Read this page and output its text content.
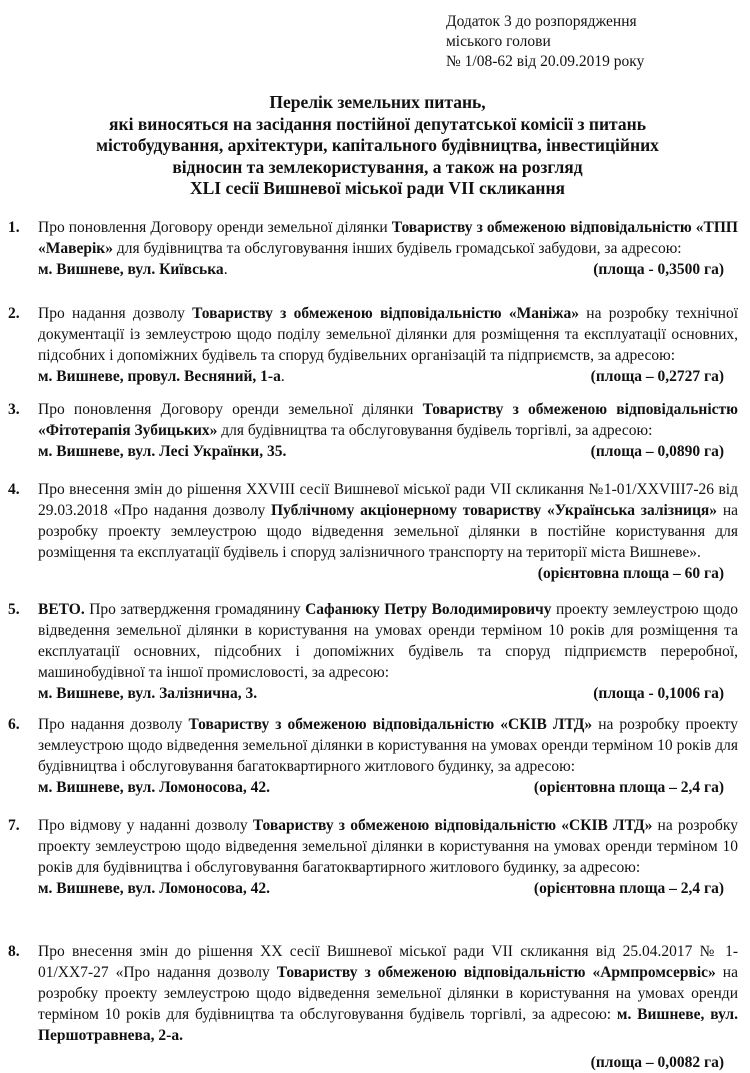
Додаток 3 до розпорядження
міського голови
№ 1/08-62 від 20.09.2019 року
Перелік земельних питань,
які виносяться на засідання постійної депутатської комісії з питань
містобудування, архітектури, капітального будівництва, інвестиційних
відносин та землекористування, а також на розгляд
XLI сесії Вишневої міської ради VII скликання
1.	Про поновлення Договору оренди земельної ділянки Товариству з обмеженою відповідальністю «ТПП «Маверік» для будівництва та обслуговування інших будівель громадської забудови, за адресою:
м. Вишневе, вул. Київська.	(площа - 0,3500 га)
2.	Про надання дозволу Товариству з обмеженою відповідальністю «Маніжа» на розробку технічної документації із землеустрою щодо поділу земельної ділянки для розміщення та експлуатації основних, підсобних і допоміжних будівель та споруд будівельних організацій та підприємств, за адресою:
м. Вишневе, провул. Весняний, 1-а.	(площа – 0,2727 га)
3.	Про поновлення Договору оренди земельної ділянки Товариству з обмеженою відповідальністю «Фітотерапія Зубицьких» для будівництва та обслуговування будівель торгівлі, за адресою:
м. Вишневе, вул. Лесі Українки, 35.	(площа – 0,0890 га)
4.	Про внесення змін до рішення XXVIII сесії Вишневої міської ради VII скликання №1-01/XXVIII7-26 від 29.03.2018 «Про надання дозволу Публічному акціонерному товариству «Українська залізниця» на розробку проекту землеустрою щодо відведення земельної ділянки в постійне користування для розміщення та експлуатації будівель і споруд залізничного транспорту на території міста Вишневе».
(орієнтовна площа – 60 га)
5.	ВЕТО. Про затвердження громадянину Сафанюку Петру Володимировичу проекту землеустрою щодо відведення земельної ділянки в користування на умовах оренди терміном 10 років для розміщення та експлуатації основних, підсобних і допоміжних будівель та споруд підприємств переробної, машинобудівної та іншої промисловості, за адресою:
м. Вишневе, вул. Залізнична, 3.	(площа - 0,1006 га)
6.	Про надання дозволу Товариству з обмеженою відповідальністю «СКІВ ЛТД» на розробку проекту землеустрою щодо відведення земельної ділянки в користування на умовах оренди терміном 10 років для будівництва і обслуговування багатоквартирного житлового будинку, за адресою:
м. Вишневе, вул. Ломоносова, 42.	(орієнтовна площа – 2,4 га)
7.	Про відмову у наданні дозволу Товариству з обмеженою відповідальністю «СКІВ ЛТД» на розробку проекту землеустрою щодо відведення земельної ділянки в користування на умовах оренди терміном 10 років для будівництва і обслуговування багатоквартирного житлового будинку, за адресою:
м. Вишневе, вул. Ломоносова, 42.	(орієнтовна площа – 2,4 га)
8.	Про внесення змін до рішення XX сесії Вишневої міської ради VII скликання від 25.04.2017 № 1-01/XX7-27 «Про надання дозволу Товариству з обмеженою відповідальністю «Армпромсервіс» на розробку проекту землеустрою щодо відведення земельної ділянки в користування на умовах оренди терміном 10 років для будівництва та обслуговування будівель торгівлі, за адресою: м. Вишневе, вул. Першотравнева, 2-а.
(площа – 0,0082 га)
